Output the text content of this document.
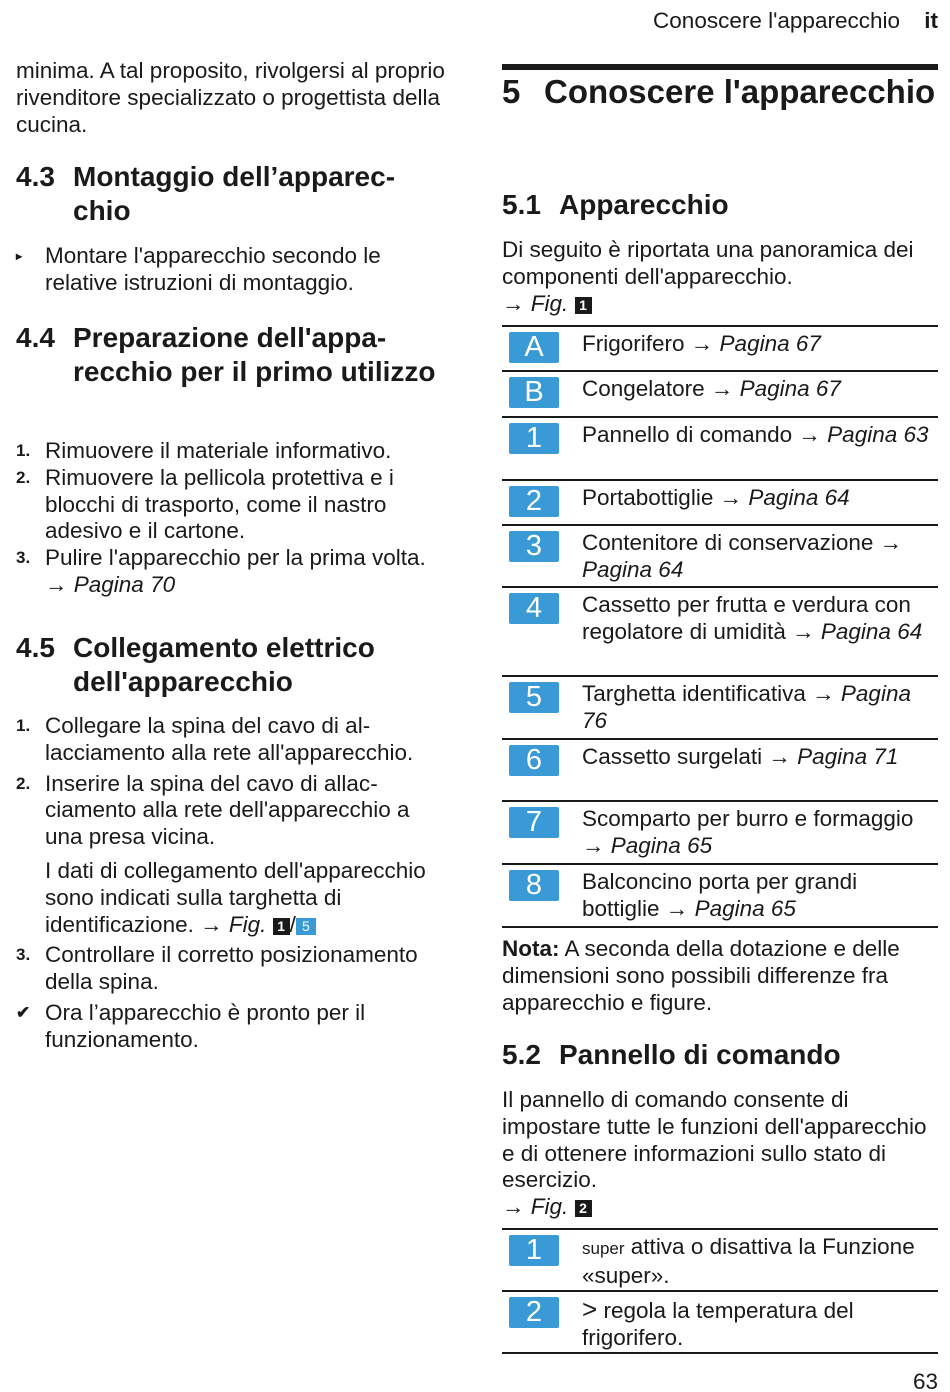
Conoscere l'apparecchio it
minima. A tal proposito, rivolgersi al proprio rivenditore specializzato o progettista della cucina.
4.3 Montaggio dell’apparecchio
▸	Montare l'apparecchio secondo le relative istruzioni di montaggio.
4.4 Preparazione dell'apparecchio per il primo utilizzo
1. Rimuovere il materiale informativo.
2. Rimuovere la pellicola protettiva e i blocchi di trasporto, come il nastro adesivo e il cartone.
3. Pulire l'apparecchio per la prima volta. → Pagina 70
4.5 Collegamento elettrico dell'apparecchio
1. Collegare la spina del cavo di allacciamento alla rete all'apparecchio.
2. Inserire la spina del cavo di allacciamento alla rete dell'apparecchio a una presa vicina.
I dati di collegamento dell'apparecchio sono indicati sulla targhetta di identificazione. → Fig. 1 / 5
3. Controllare il corretto posizionamento della spina.
✔ Ora l’apparecchio è pronto per il funzionamento.
5 Conoscere l'apparecchio
5.1 Apparecchio
Di seguito è riportata una panoramica dei componenti dell'apparecchio.
→ Fig. 1
A	Frigorifero → Pagina 67
B	Congelatore → Pagina 67
1	Pannello di comando → Pagina 63
2	Portabottiglie → Pagina 64
3	Contenitore di conservazione → Pagina 64
4	Cassetto per frutta e verdura con regolatore di umidità → Pagina 64
5	Targhetta identificativa → Pagina 76
6	Cassetto surgelati → Pagina 71
7	Scomparto per burro e formaggio → Pagina 65
8	Balconcino porta per grandi bottiglie → Pagina 65
Nota: A seconda della dotazione e delle dimensioni sono possibili differenze fra apparecchio e figure.
5.2 Pannello di comando
Il pannello di comando consente di impostare tutte le funzioni dell'apparecchio e di ottenere informazioni sullo stato di esercizio.
→ Fig. 2
1	super attiva o disattiva la Funzione «super».
2	> regola la temperatura del frigorifero.
63
